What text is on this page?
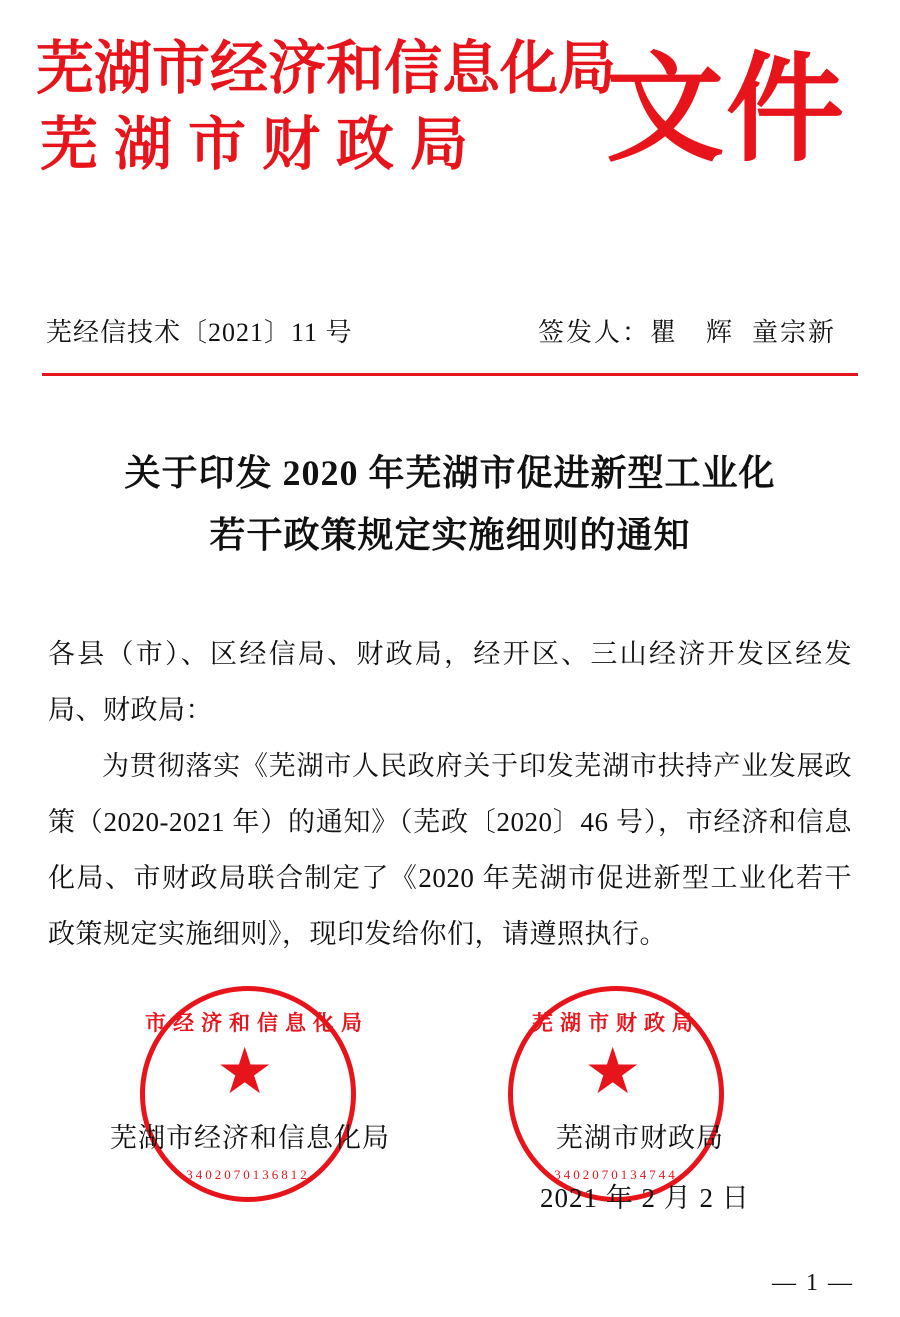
芜湖市经济和信息化局
芜湖市财政局	文件
芜经信技术〔2021〕11 号	签发人：瞿　辉 童宗新
关于印发 2020 年芜湖市促进新型工业化
若干政策规定实施细则的通知

各县（市）、区经信局、财政局，经开区、三山经济开发区经发局、财政局：

为贯彻落实《芜湖市人民政府关于印发芜湖市扶持产业发展政策（2020-2021 年）的通知》（芜政〔2020〕46 号），市经济和信息化局、市财政局联合制定了《2020 年芜湖市促进新型工业化若干政策规定实施细则》，现印发给你们，请遵照执行。

市经济和信息化局
3402070136812
芜湖市财政局
3402070134744
芜湖市经济和信息化局	芜湖市财政局
2021 年 2 月 2 日
— 1 —
